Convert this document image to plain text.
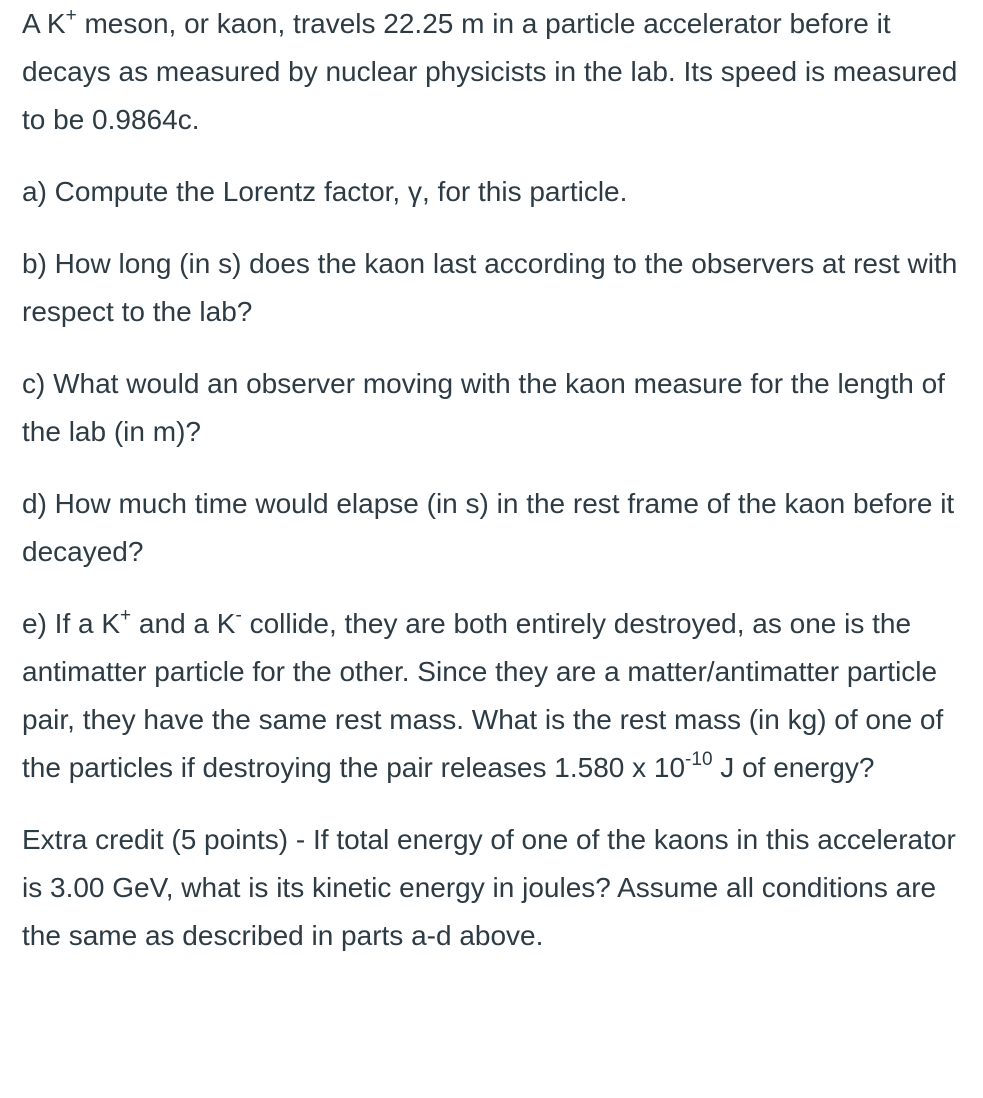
A K+ meson, or kaon, travels 22.25 m in a particle accelerator before it decays as measured by nuclear physicists in the lab. Its speed is measured to be 0.9864c.

a) Compute the Lorentz factor, γ, for this particle.

b) How long (in s) does the kaon last according to the observers at rest with respect to the lab?

c) What would an observer moving with the kaon measure for the length of the lab (in m)?

d) How much time would elapse (in s) in the rest frame of the kaon before it decayed?

e) If a K+ and a K- collide, they are both entirely destroyed, as one is the antimatter particle for the other. Since they are a matter/antimatter particle pair, they have the same rest mass. What is the rest mass (in kg) of one of the particles if destroying the pair releases 1.580 x $10^{-10}$ J of energy?

Extra credit (5 points) - If total energy of one of the kaons in this accelerator is 3.00 GeV, what is its kinetic energy in joules? Assume all conditions are the same as described in parts a-d above.
